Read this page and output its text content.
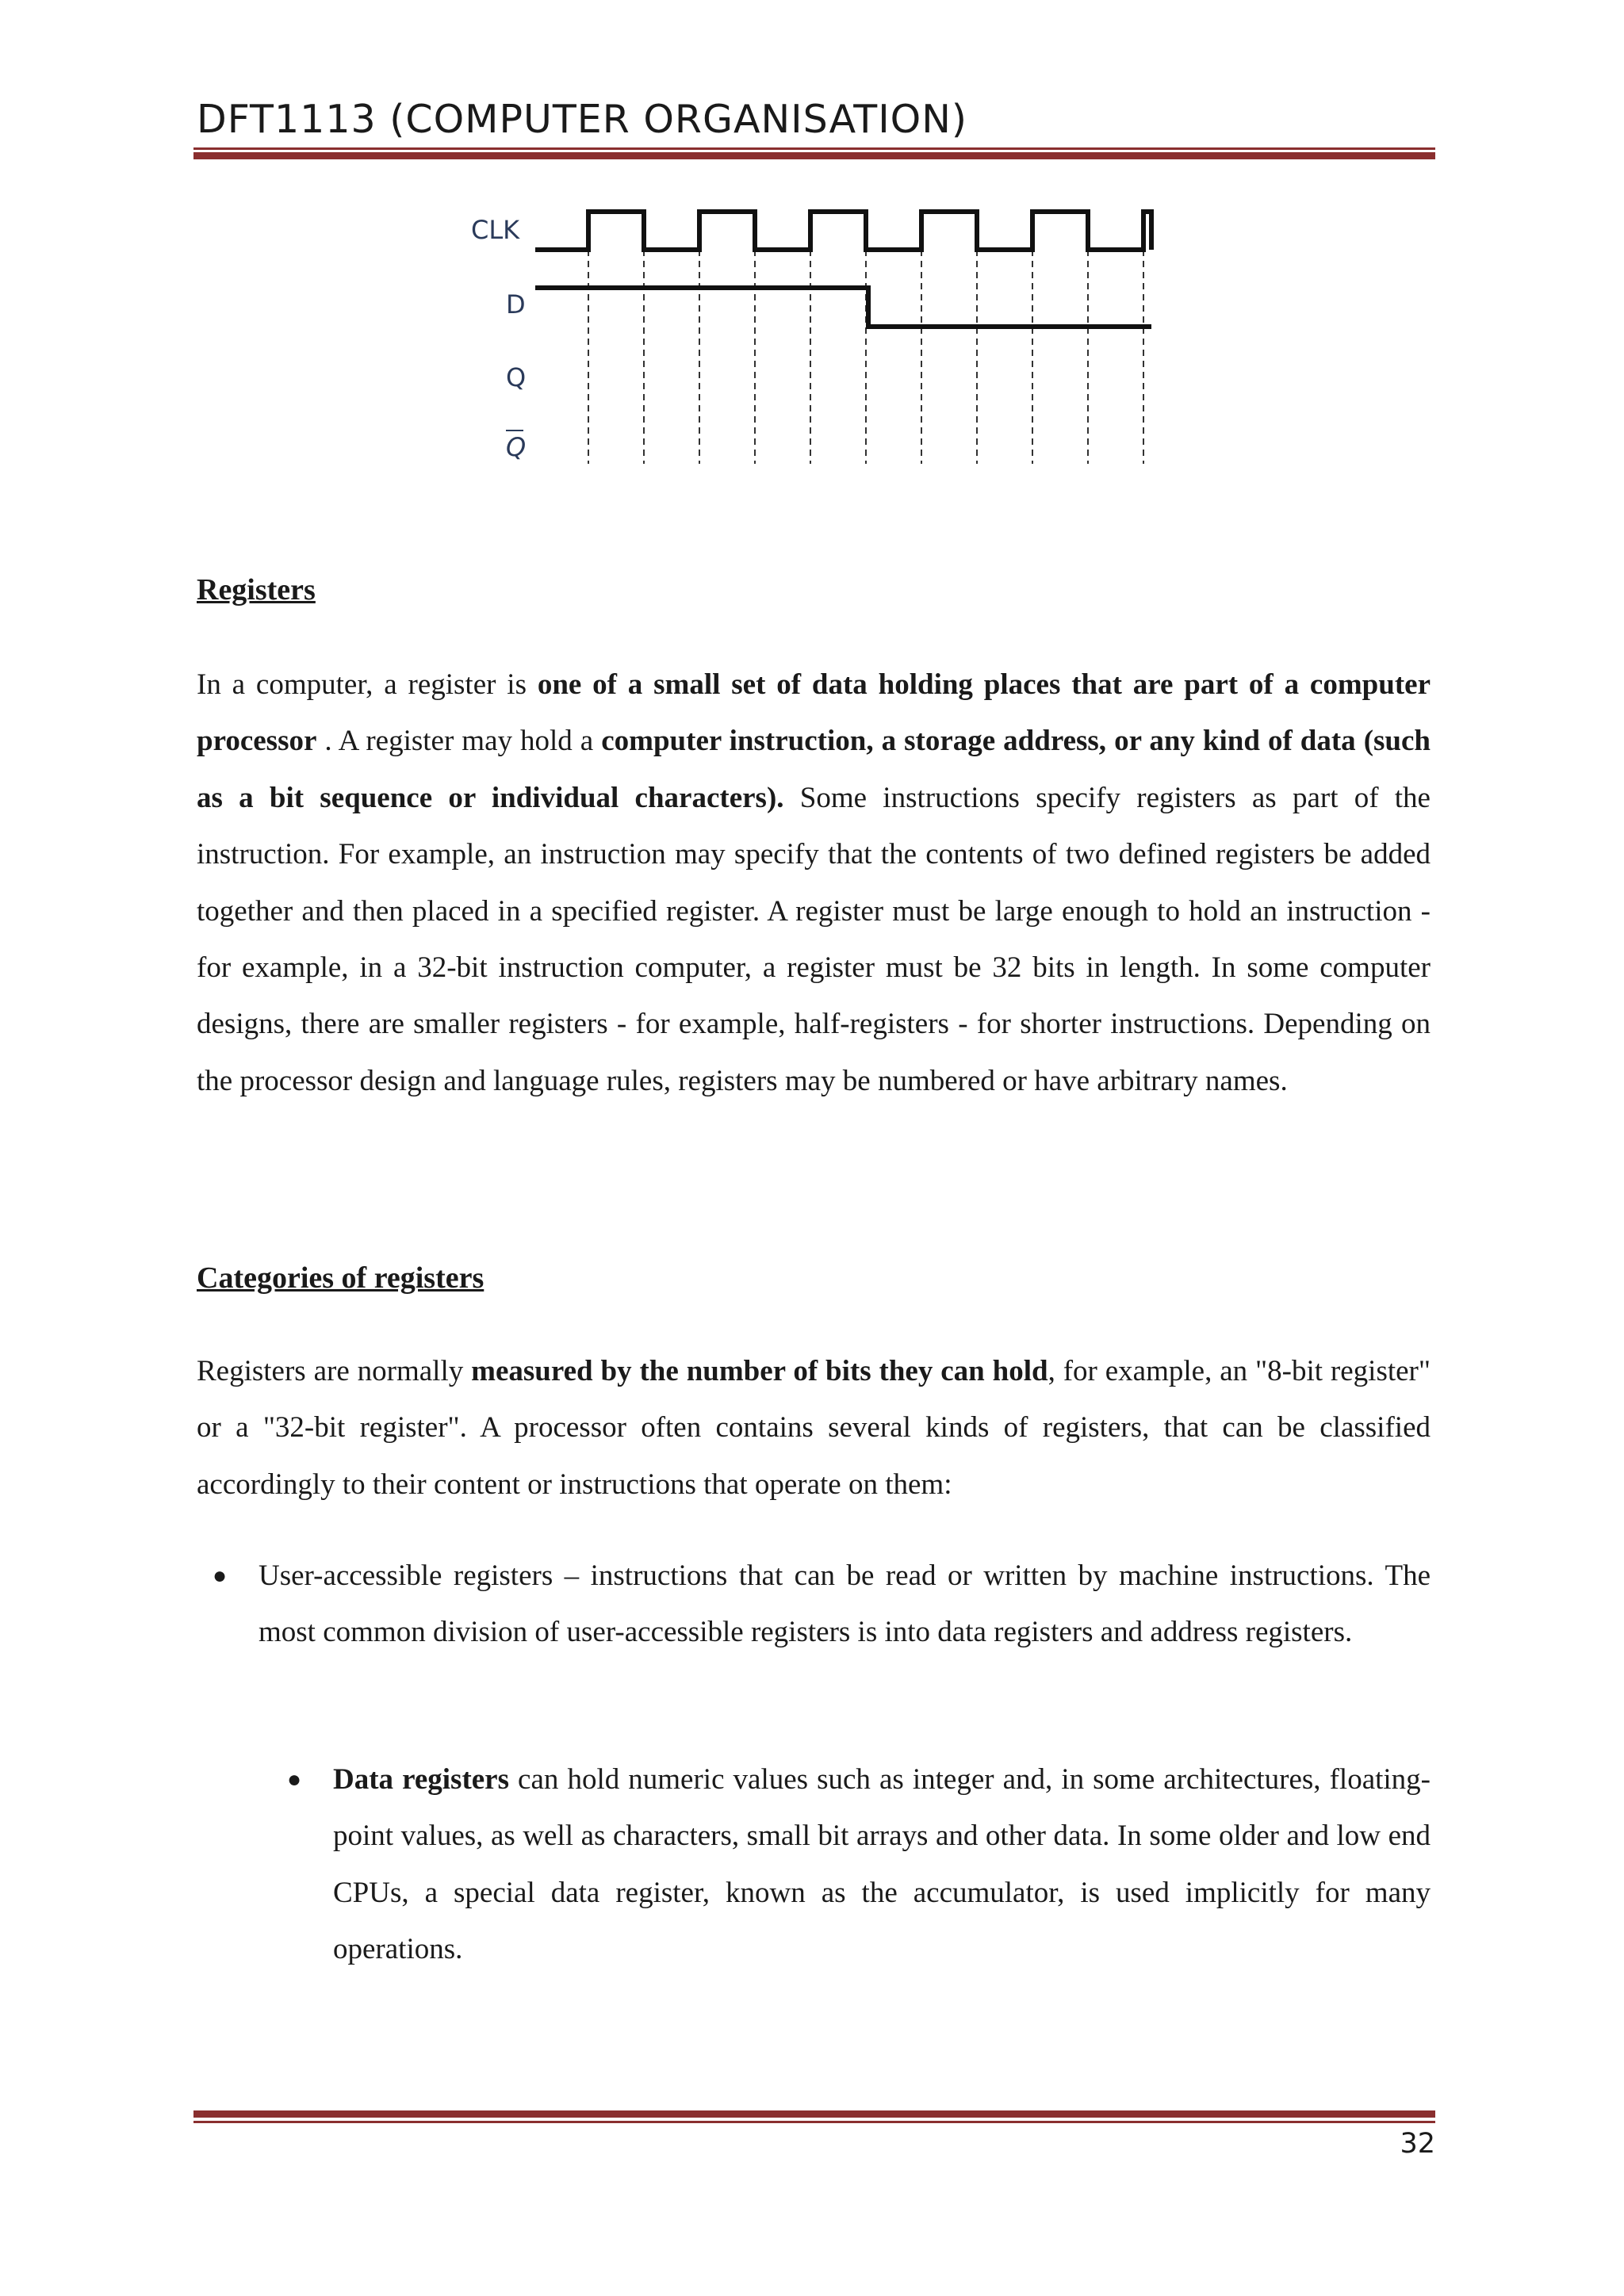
DFT1113 (COMPUTER ORGANISATION)
CLK
D
Q
Q
Registers

In a computer, a register is one of a small set of data holding places that are part of a computer processor . A register may hold a computer instruction, a storage address, or any kind of data (such as a bit sequence or individual characters). Some instructions specify registers as part of the instruction. For example, an instruction may specify that the contents of two defined registers be added together and then placed in a specified register. A register must be large enough to hold an instruction - for example, in a 32-bit instruction computer, a register must be 32 bits in length. In some computer designs, there are smaller registers - for example, half-registers - for shorter instructions. Depending on the processor design and language rules, registers may be numbered or have arbitrary names.

Categories of registers

Registers are normally measured by the number of bits they can hold, for example, an "8-bit register" or a "32-bit register". A processor often contains several kinds of registers, that can be classified accordingly to their content or instructions that operate on them:

● User-accessible registers – instructions that can be read or written by machine instructions. The most common division of user-accessible registers is into data registers and address registers.
● Data registers can hold numeric values such as integer and, in some architectures, floating-point values, as well as characters, small bit arrays and other data. In some older and low end CPUs, a special data register, known as the accumulator, is used implicitly for many operations.
32
